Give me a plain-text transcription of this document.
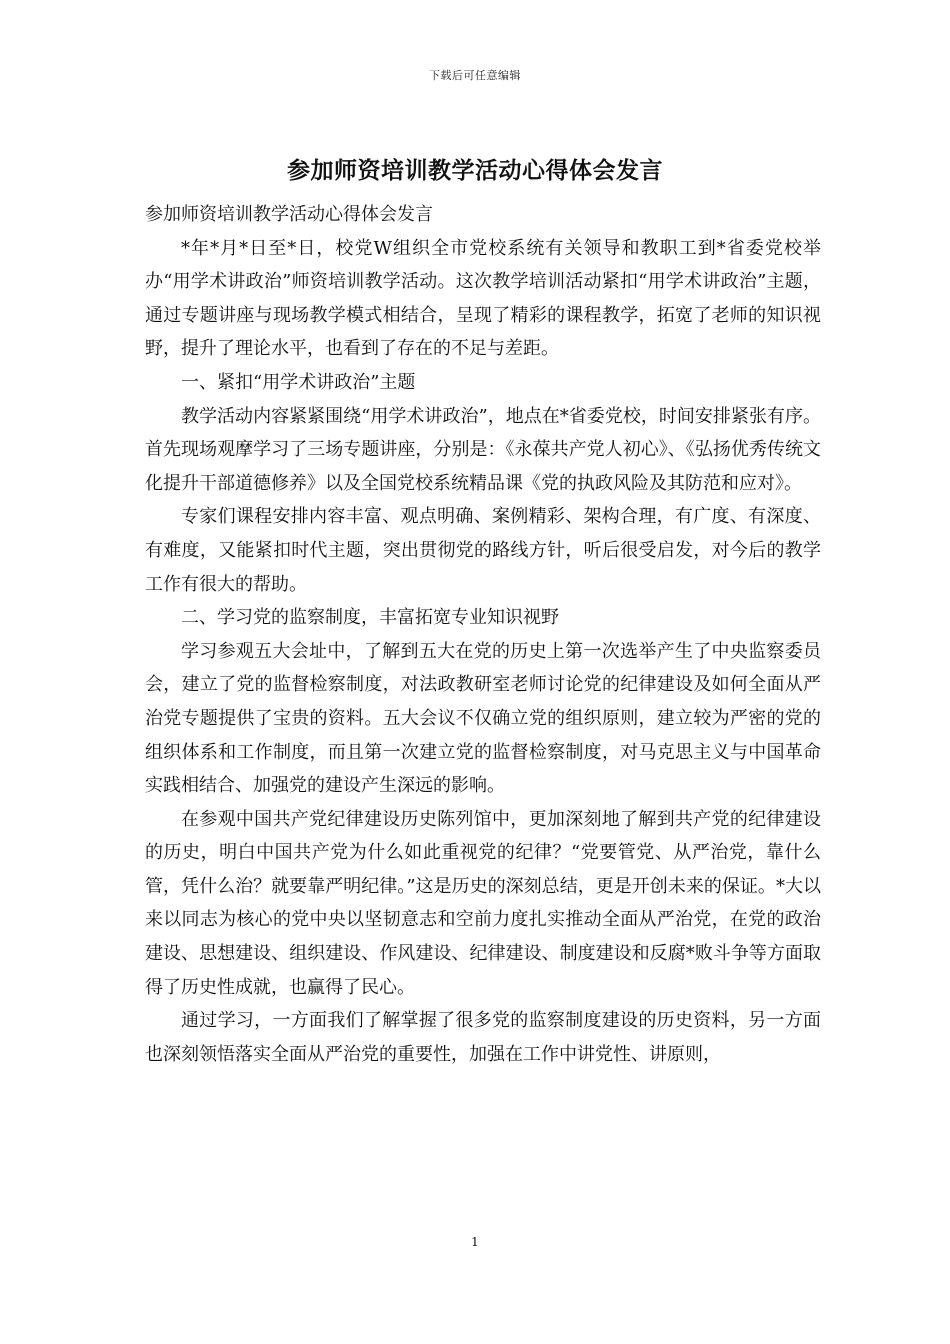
下载后可任意编辑
参加师资培训教学活动心得体会发言

参加师资培训教学活动心得体会发言

*年*月*日至*日，校党W组织全市党校系统有关领导和教职工到*省委党校举办“用学术讲政治”师资培训教学活动。这次教学培训活动紧扣“用学术讲政治”主题，通过专题讲座与现场教学模式相结合，呈现了精彩的课程教学，拓宽了老师的知识视野，提升了理论水平，也看到了存在的不足与差距。

一、紧扣“用学术讲政治”主题

教学活动内容紧紧围绕“用学术讲政治”，地点在*省委党校，时间安排紧张有序。首先现场观摩学习了三场专题讲座，分别是：《永葆共产党人初心》、《弘扬优秀传统文化提升干部道德修养》以及全国党校系统精品课《党的执政风险及其防范和应对》。

专家们课程安排内容丰富、观点明确、案例精彩、架构合理，有广度、有深度、有难度，又能紧扣时代主题，突出贯彻党的路线方针，听后很受启发，对今后的教学工作有很大的帮助。

二、学习党的监察制度，丰富拓宽专业知识视野

学习参观五大会址中，了解到五大在党的历史上第一次选举产生了中央监察委员会，建立了党的监督检察制度，对法政教研室老师讨论党的纪律建设及如何全面从严治党专题提供了宝贵的资料。五大会议不仅确立党的组织原则，建立较为严密的党的组织体系和工作制度，而且第一次建立党的监督检察制度，对马克思主义与中国革命实践相结合、加强党的建设产生深远的影响。

在参观中国共产党纪律建设历史陈列馆中，更加深刻地了解到共产党的纪律建设的历史，明白中国共产党为什么如此重视党的纪律？“党要管党、从严治党，靠什么管，凭什么治？就要靠严明纪律。”这是历史的深刻总结，更是开创未来的保证。*大以来以同志为核心的党中央以坚韧意志和空前力度扎实推动全面从严治党，在党的政治建设、思想建设、组织建设、作风建设、纪律建设、制度建设和反腐*败斗争等方面取得了历史性成就，也赢得了民心。

通过学习，一方面我们了解掌握了很多党的监察制度建设的历史资料，另一方面也深刻领悟落实全面从严治党的重要性，加强在工作中讲党性、讲原则，

1
